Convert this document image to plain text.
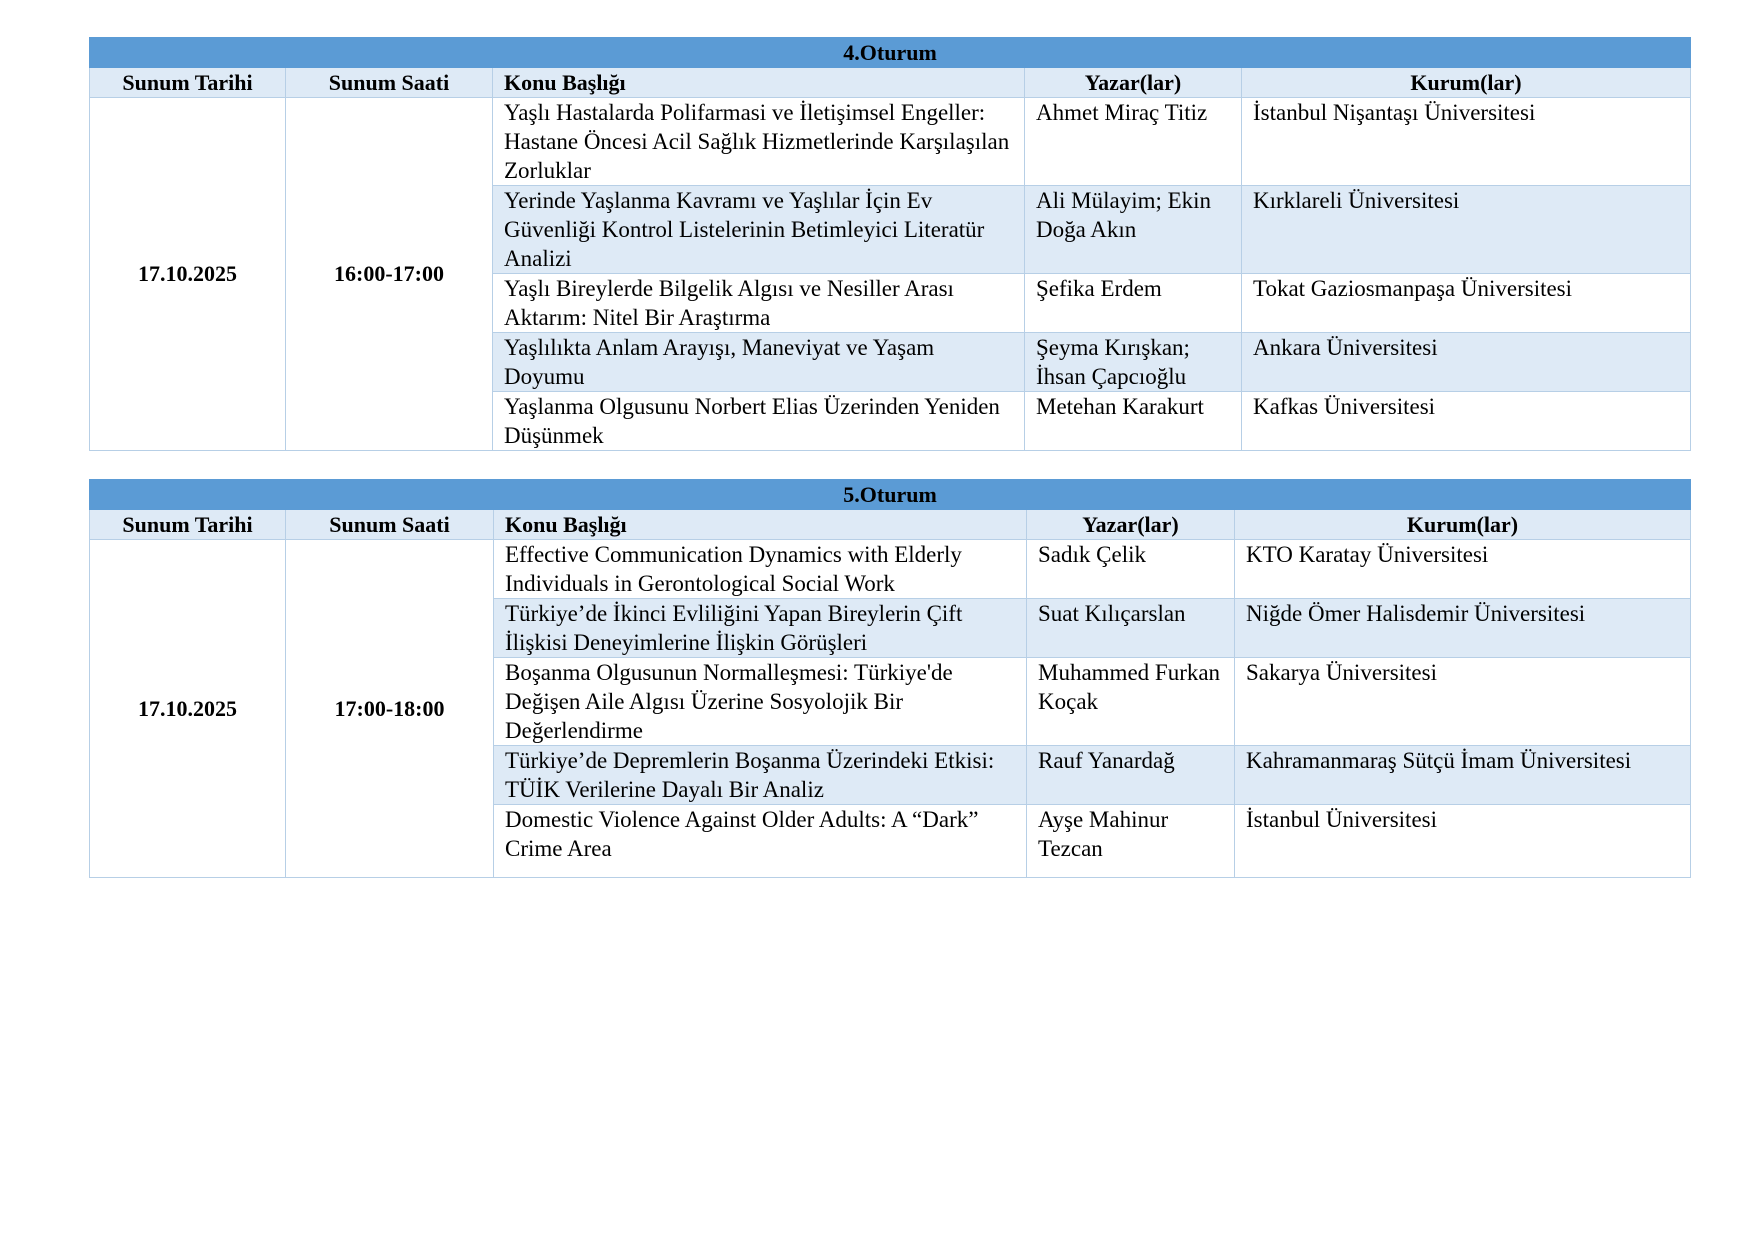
4.Oturum				
Sunum Tarihi	Sunum Saati	Konu Başlığı	Yazar(lar)	Kurum(lar)
17.10.2025	16:00-17:00	Yaşlı Hastalarda Polifarmasi ve İletişimsel Engeller: Hastane Öncesi Acil Sağlık Hizmetlerinde Karşılaşılan Zorluklar	Ahmet Miraç Titiz	İstanbul Nişantaşı Üniversitesi
		Yerinde Yaşlanma Kavramı ve Yaşlılar İçin Ev Güvenliği Kontrol Listelerinin Betimleyici Literatür Analizi	Ali Mülayim; Ekin Doğa Akın	Kırklareli Üniversitesi
		Yaşlı Bireylerde Bilgelik Algısı ve Nesiller Arası Aktarım: Nitel Bir Araştırma	Şefika Erdem	Tokat Gaziosmanpaşa Üniversitesi
		Yaşlılıkta Anlam Arayışı, Maneviyat ve Yaşam Doyumu	Şeyma Kırışkan; İhsan Çapcıoğlu	Ankara Üniversitesi
		Yaşlanma Olgusunu Norbert Elias Üzerinden Yeniden Düşünmek	Metehan Karakurt	Kafkas Üniversitesi
5.Oturum				
Sunum Tarihi	Sunum Saati	Konu Başlığı	Yazar(lar)	Kurum(lar)
17.10.2025	17:00-18:00	Effective Communication Dynamics with Elderly Individuals in Gerontological Social Work	Sadık Çelik	KTO Karatay Üniversitesi
		Türkiye’de İkinci Evliliğini Yapan Bireylerin Çift İlişkisi Deneyimlerine İlişkin Görüşleri	Suat Kılıçarslan	Niğde Ömer Halisdemir Üniversitesi
		Boşanma Olgusunun Normalleşmesi: Türkiye'de Değişen Aile Algısı Üzerine Sosyolojik Bir Değerlendirme	Muhammed Furkan Koçak	Sakarya Üniversitesi
		Türkiye’de Depremlerin Boşanma Üzerindeki Etkisi: TÜİK Verilerine Dayalı Bir Analiz	Rauf Yanardağ	Kahramanmaraş Sütçü İmam Üniversitesi
		Domestic Violence Against Older Adults: A “Dark” Crime Area	Ayşe Mahinur Tezcan	İstanbul Üniversitesi
